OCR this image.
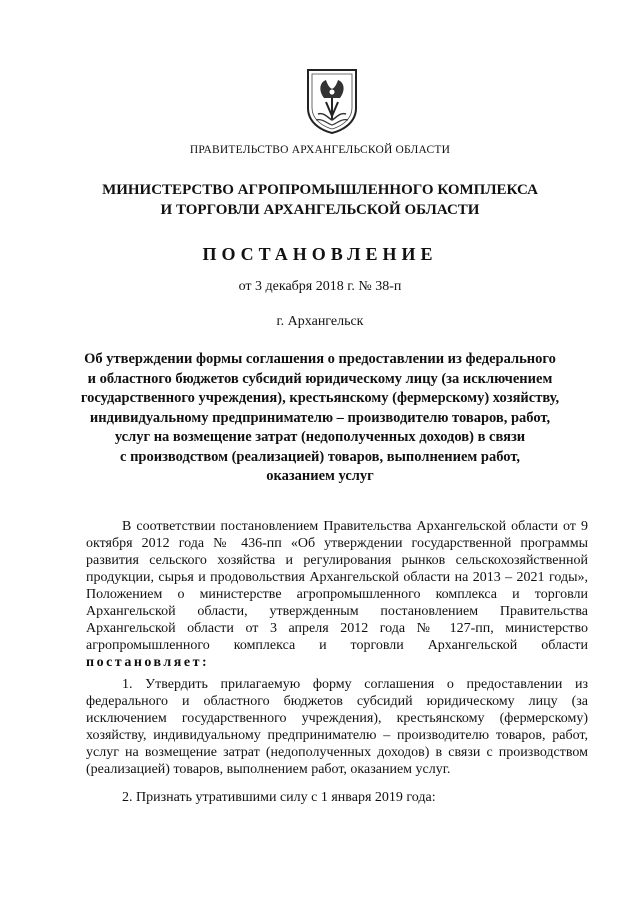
ПРАВИТЕЛЬСТВО АРХАНГЕЛЬСКОЙ ОБЛАСТИ
МИНИСТЕРСТВО АГРОПРОМЫШЛЕННОГО КОМПЛЕКСА
И ТОРГОВЛИ АРХАНГЕЛЬСКОЙ ОБЛАСТИ
ПОСТАНОВЛЕНИЕ
от 3 декабря 2018 г. № 38-п
г. Архангельск
Об утверждении формы соглашения о предоставлении из федерального
и областного бюджетов субсидий юридическому лицу (за исключением
государственного учреждения), крестьянскому (фермерскому) хозяйству,
индивидуальному предпринимателю – производителю товаров, работ,
услуг на возмещение затрат (недополученных доходов) в связи
с производством (реализацией) товаров, выполнением работ,
оказанием услуг

В соответствии постановлением Правительства Архангельской области от 9 октября 2012 года № 436-пп «Об утверждении государственной программы развития сельского хозяйства и регулирования рынков сельскохозяйственной продукции, сырья и продовольствия Архангельской области на 2013 – 2021 годы», Положением о министерстве агропромышленного комплекса и торговли Архангельской области, утвержденным постановлением Правительства Архангельской области от 3 апреля 2012 года № 127-пп, министерство агропромышленного комплекса и торговли Архангельской области постановляет:

1. Утвердить прилагаемую форму соглашения о предоставлении из федерального и областного бюджетов субсидий юридическому лицу (за исключением государственного учреждения), крестьянскому (фермерскому) хозяйству, индивидуальному предпринимателю – производителю товаров, работ, услуг на возмещение затрат (недополученных доходов) в связи с производством (реализацией) товаров, выполнением работ, оказанием услуг.

2. Признать утратившими силу с 1 января 2019 года:
